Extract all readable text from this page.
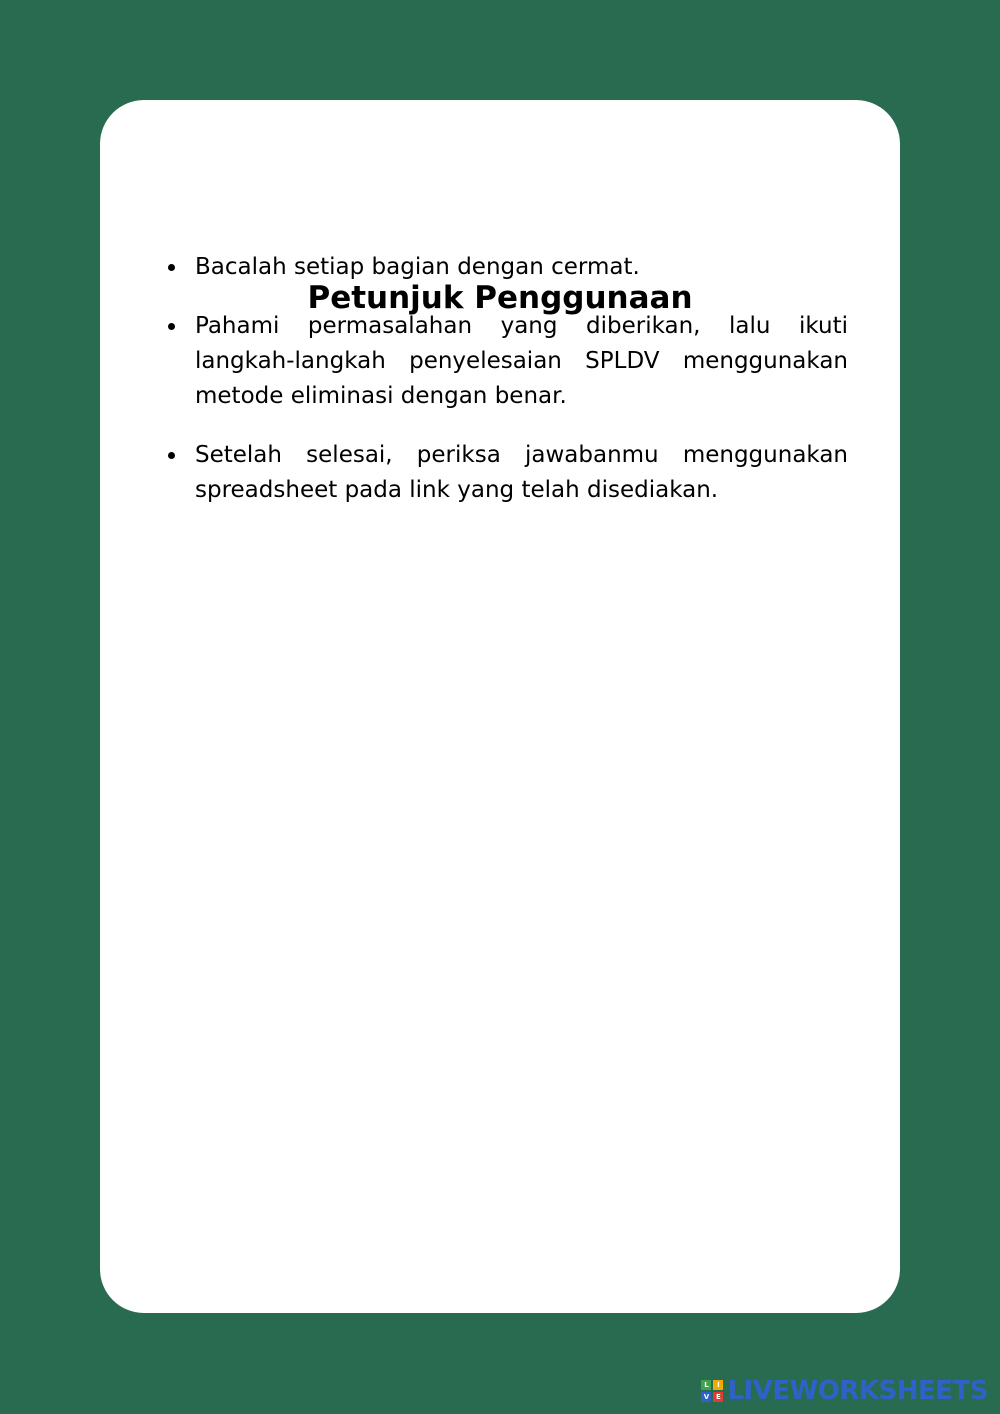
Petunjuk Penggunaan
Bacalah setiap bagian dengan cermat.
Pahami permasalahan yang diberikan, lalu ikuti langkah-langkah penyelesaian SPLDV menggunakan metode eliminasi dengan benar.
Setelah selesai, periksa jawabanmu menggunakan spreadsheet pada link yang telah disediakan.
L	I
V E LIVEWORKSHEETS
